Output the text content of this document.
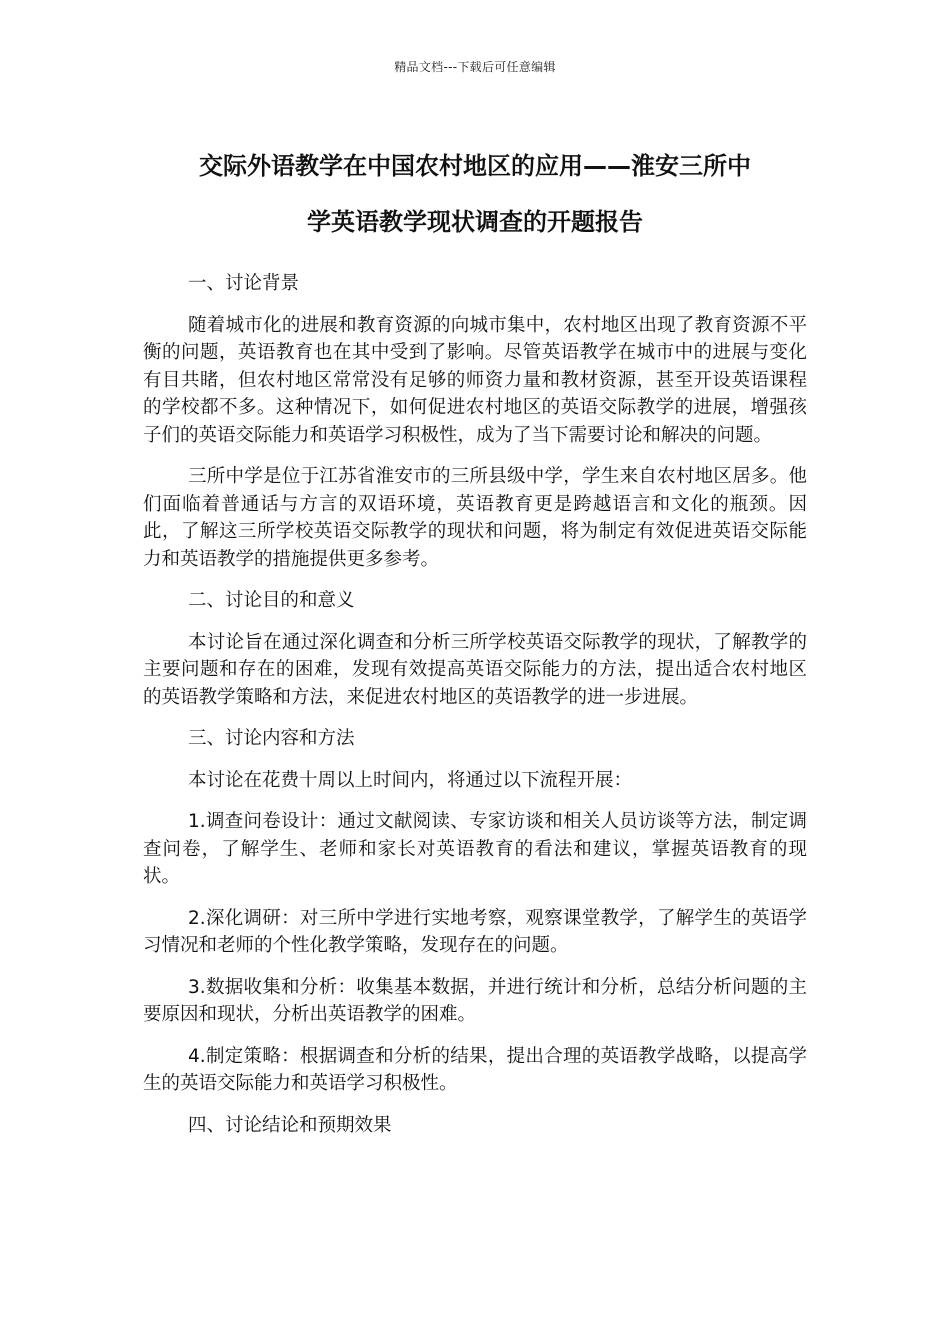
精品文档---下载后可任意编辑
交际外语教学在中国农村地区的应用——淮安三所中
学英语教学现状调查的开题报告

一、讨论背景

随着城市化的进展和教育资源的向城市集中，农村地区出现了教育资源不平衡的问题，英语教育也在其中受到了影响。尽管英语教学在城市中的进展与变化有目共睹，但农村地区常常没有足够的师资力量和教材资源，甚至开设英语课程的学校都不多。这种情况下，如何促进农村地区的英语交际教学的进展，增强孩子们的英语交际能力和英语学习积极性，成为了当下需要讨论和解决的问题。

三所中学是位于江苏省淮安市的三所县级中学，学生来自农村地区居多。他们面临着普通话与方言的双语环境，英语教育更是跨越语言和文化的瓶颈。因此，了解这三所学校英语交际教学的现状和问题，将为制定有效促进英语交际能力和英语教学的措施提供更多参考。

二、讨论目的和意义

本讨论旨在通过深化调查和分析三所学校英语交际教学的现状，了解教学的主要问题和存在的困难，发现有效提高英语交际能力的方法，提出适合农村地区的英语教学策略和方法，来促进农村地区的英语教学的进一步进展。

三、讨论内容和方法

本讨论在花费十周以上时间内，将通过以下流程开展：

1.调查问卷设计：通过文献阅读、专家访谈和相关人员访谈等方法，制定调查问卷，了解学生、老师和家长对英语教育的看法和建议，掌握英语教育的现状。

2.深化调研：对三所中学进行实地考察，观察课堂教学，了解学生的英语学习情况和老师的个性化教学策略，发现存在的问题。

3.数据收集和分析：收集基本数据，并进行统计和分析，总结分析问题的主要原因和现状，分析出英语教学的困难。

4.制定策略：根据调查和分析的结果，提出合理的英语教学战略，以提高学生的英语交际能力和英语学习积极性。

四、讨论结论和预期效果
